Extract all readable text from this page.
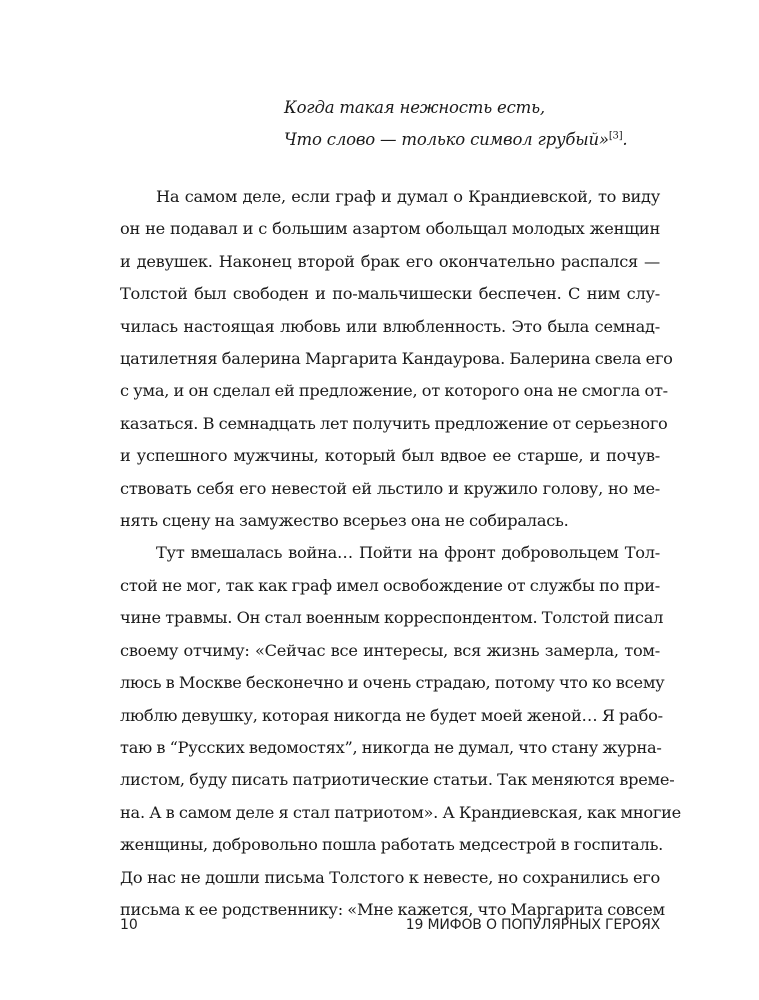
Когда такая нежность есть,
Что слово — только символ грубый»[3].
На самом деле, если граф и думал о Крандиевской, то виду
он не подавал и с большим азартом обольщал молодых женщин
и девушек. Наконец второй брак его окончательно распался —
Толстой был свободен и по-мальчишески беспечен. С ним слу-
чилась настоящая любовь или влюбленность. Это была семнад-
цатилетняя балерина Маргарита Кандаурова. Балерина свела его
с ума, и он сделал ей предложение, от которого она не смогла от-
казаться. В семнадцать лет получить предложение от серьезного
и успешного мужчины, который был вдвое ее старше, и почув-
ствовать себя его невестой ей льстило и кружило голову, но ме-
нять сцену на замужество всерьез она не собиралась.
Тут вмешалась война… Пойти на фронт добровольцем Тол-
стой не мог, так как граф имел освобождение от службы по при-
чине травмы. Он стал военным корреспондентом. Толстой писал
своему отчиму: «Сейчас все интересы, вся жизнь замерла, том-
люсь в Москве бесконечно и очень страдаю, потому что ко всему
люблю девушку, которая никогда не будет моей женой… Я рабо-
таю в “Русских ведомостях”, никогда не думал, что стану журна-
листом, буду писать патриотические статьи. Так меняются време-
на. А в самом деле я стал патриотом». А Крандиевская, как многие
женщины, добровольно пошла работать медсестрой в госпиталь.
До нас не дошли письма Толстого к невесте, но сохранились его
письма к ее родственнику: «Мне кажется, что Маргарита совсем
10	19 МИФОВ О ПОПУЛЯРНЫХ ГЕРОЯХ
